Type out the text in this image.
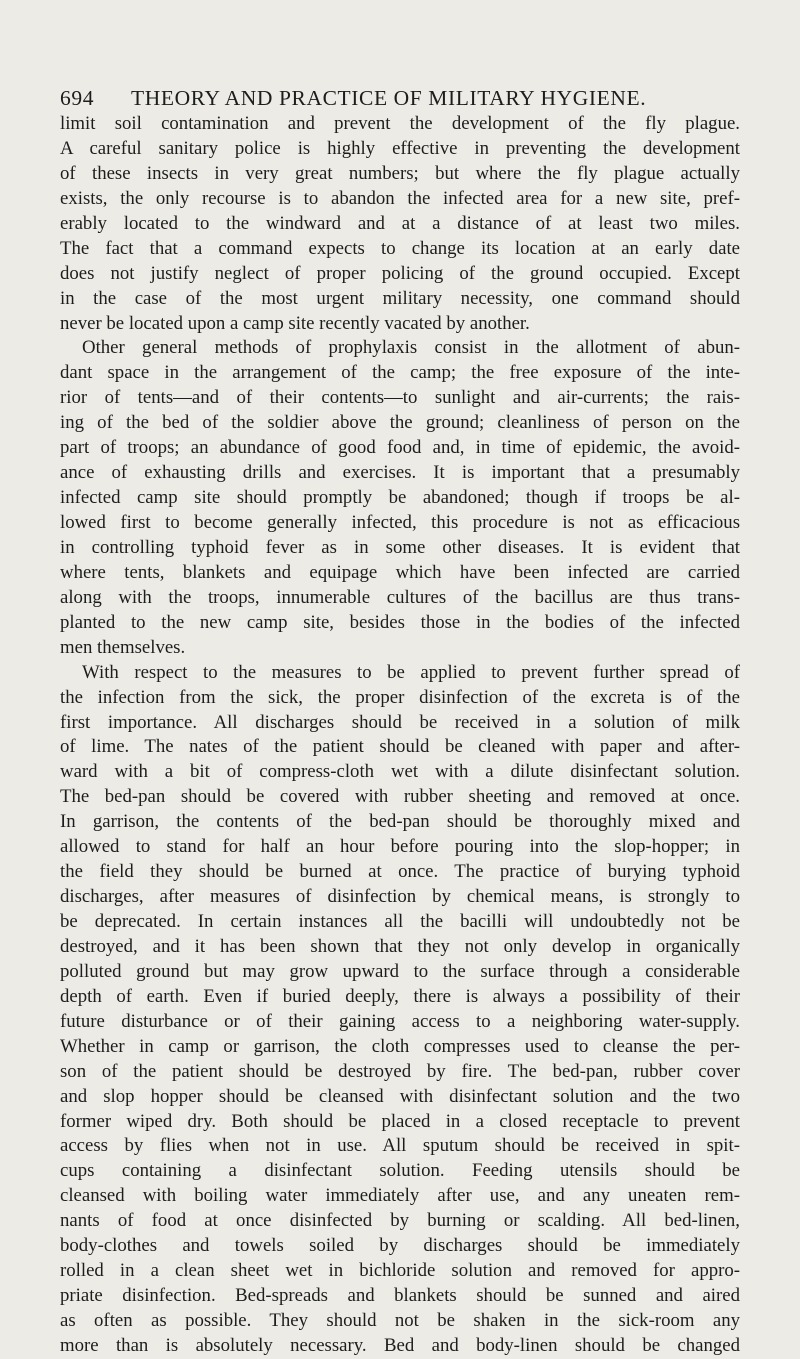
694 THEORY AND PRACTICE OF MILITARY HYGIENE.
limit soil contamination and prevent the development of the fly plague.
A careful sanitary police is highly effective in preventing the development
of these insects in very great numbers; but where the fly plague actually
exists, the only recourse is to abandon the infected area for a new site, pref-
erably located to the windward and at a distance of at least two miles.
The fact that a command expects to change its location at an early date
does not justify neglect of proper policing of the ground occupied. Except
in the case of the most urgent military necessity, one command should
never be located upon a camp site recently vacated by another.
Other general methods of prophylaxis consist in the allotment of abun-
dant space in the arrangement of the camp; the free exposure of the inte-
rior of tents—and of their contents—to sunlight and air-currents; the rais-
ing of the bed of the soldier above the ground; cleanliness of person on the
part of troops; an abundance of good food and, in time of epidemic, the avoid-
ance of exhausting drills and exercises. It is important that a presumably
infected camp site should promptly be abandoned; though if troops be al-
lowed first to become generally infected, this procedure is not as efficacious
in controlling typhoid fever as in some other diseases. It is evident that
where tents, blankets and equipage which have been infected are carried
along with the troops, innumerable cultures of the bacillus are thus trans-
planted to the new camp site, besides those in the bodies of the infected
men themselves.
With respect to the measures to be applied to prevent further spread of
the infection from the sick, the proper disinfection of the excreta is of the
first importance. All discharges should be received in a solution of milk
of lime. The nates of the patient should be cleaned with paper and after-
ward with a bit of compress-cloth wet with a dilute disinfectant solution.
The bed-pan should be covered with rubber sheeting and removed at once.
In garrison, the contents of the bed-pan should be thoroughly mixed and
allowed to stand for half an hour before pouring into the slop-hopper; in
the field they should be burned at once. The practice of burying typhoid
discharges, after measures of disinfection by chemical means, is strongly to
be deprecated. In certain instances all the bacilli will undoubtedly not be
destroyed, and it has been shown that they not only develop in organically
polluted ground but may grow upward to the surface through a considerable
depth of earth. Even if buried deeply, there is always a possibility of their
future disturbance or of their gaining access to a neighboring water-supply.
Whether in camp or garrison, the cloth compresses used to cleanse the per-
son of the patient should be destroyed by fire. The bed-pan, rubber cover
and slop hopper should be cleansed with disinfectant solution and the two
former wiped dry. Both should be placed in a closed receptacle to prevent
access by flies when not in use. All sputum should be received in spit-
cups containing a disinfectant solution. Feeding utensils should be
cleansed with boiling water immediately after use, and any uneaten rem-
nants of food at once disinfected by burning or scalding. All bed-linen,
body-clothes and towels soiled by discharges should be immediately
rolled in a clean sheet wet in bichloride solution and removed for appro-
priate disinfection. Bed-spreads and blankets should be sunned and aired
as often as possible. They should not be shaken in the sick-room any
more than is absolutely necessary. Bed and body-linen should be changed
